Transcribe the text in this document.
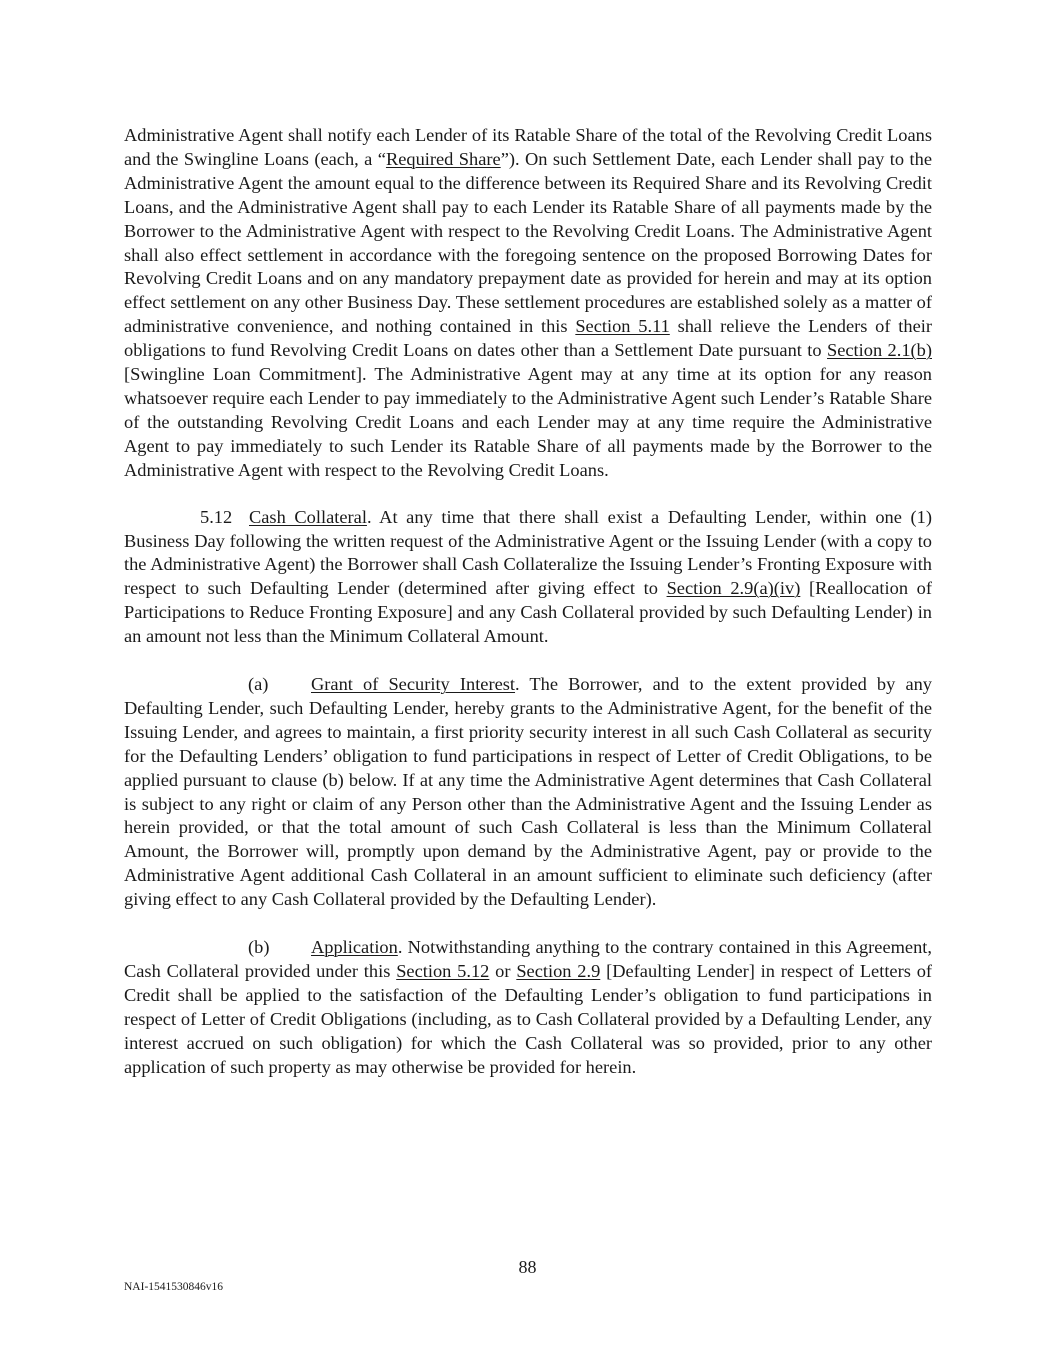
Administrative Agent shall notify each Lender of its Ratable Share of the total of the Revolving Credit Loans and the Swingline Loans (each, a “Required Share”). On such Settlement Date, each Lender shall pay to the Administrative Agent the amount equal to the difference between its Required Share and its Revolving Credit Loans, and the Administrative Agent shall pay to each Lender its Ratable Share of all payments made by the Borrower to the Administrative Agent with respect to the Revolving Credit Loans. The Administrative Agent shall also effect settlement in accordance with the foregoing sentence on the proposed Borrowing Dates for Revolving Credit Loans and on any mandatory prepayment date as provided for herein and may at its option effect settlement on any other Business Day. These settlement procedures are established solely as a matter of administrative convenience, and nothing contained in this Section 5.11 shall relieve the Lenders of their obligations to fund Revolving Credit Loans on dates other than a Settlement Date pursuant to Section 2.1(b) [Swingline Loan Commitment]. The Administrative Agent may at any time at its option for any reason whatsoever require each Lender to pay immediately to the Administrative Agent such Lender’s Ratable Share of the outstanding Revolving Credit Loans and each Lender may at any time require the Administrative Agent to pay immediately to such Lender its Ratable Share of all payments made by the Borrower to the Administrative Agent with respect to the Revolving Credit Loans.

5.12 Cash Collateral. At any time that there shall exist a Defaulting Lender, within one (1) Business Day following the written request of the Administrative Agent or the Issuing Lender (with a copy to the Administrative Agent) the Borrower shall Cash Collateralize the Issuing Lender’s Fronting Exposure with respect to such Defaulting Lender (determined after giving effect to Section 2.9(a)(iv) [Reallocation of Participations to Reduce Fronting Exposure] and any Cash Collateral provided by such Defaulting Lender) in an amount not less than the Minimum Collateral Amount.

(a) Grant of Security Interest. The Borrower, and to the extent provided by any Defaulting Lender, such Defaulting Lender, hereby grants to the Administrative Agent, for the benefit of the Issuing Lender, and agrees to maintain, a first priority security interest in all such Cash Collateral as security for the Defaulting Lenders’ obligation to fund participations in respect of Letter of Credit Obligations, to be applied pursuant to clause (b) below. If at any time the Administrative Agent determines that Cash Collateral is subject to any right or claim of any Person other than the Administrative Agent and the Issuing Lender as herein provided, or that the total amount of such Cash Collateral is less than the Minimum Collateral Amount, the Borrower will, promptly upon demand by the Administrative Agent, pay or provide to the Administrative Agent additional Cash Collateral in an amount sufficient to eliminate such deficiency (after giving effect to any Cash Collateral provided by the Defaulting Lender).

(b) Application. Notwithstanding anything to the contrary contained in this Agreement, Cash Collateral provided under this Section 5.12 or Section 2.9 [Defaulting Lender] in respect of Letters of Credit shall be applied to the satisfaction of the Defaulting Lender’s obligation to fund participations in respect of Letter of Credit Obligations (including, as to Cash Collateral provided by a Defaulting Lender, any interest accrued on such obligation) for which the Cash Collateral was so provided, prior to any other application of such property as may otherwise be provided for herein.

88
NAI-1541530846v16
